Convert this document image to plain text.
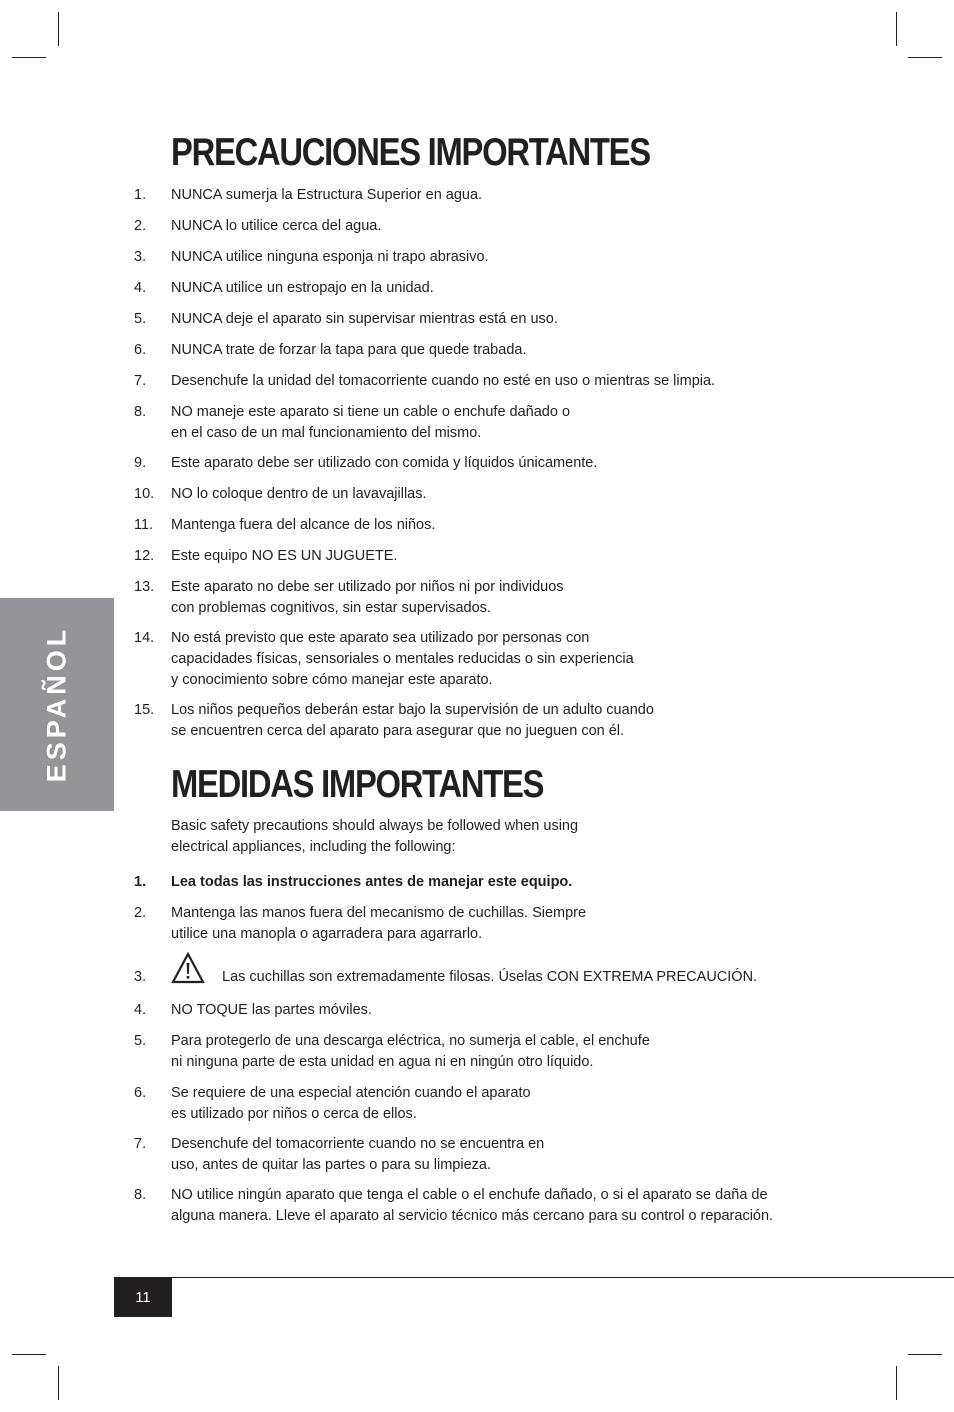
ESPAÑOL
PRECAUCIONES IMPORTANTES
1. NUNCA sumerja la Estructura Superior en agua.
2. NUNCA lo utilice cerca del agua.
3. NUNCA utilice ninguna esponja ni trapo abrasivo.
4. NUNCA utilice un estropajo en la unidad.
5. NUNCA deje el aparato sin supervisar mientras está en uso.
6. NUNCA trate de forzar la tapa para que quede trabada.
7. Desenchufe la unidad del tomacorriente cuando no esté en uso o mientras se limpia.
8. NO maneje este aparato si tiene un cable o enchufe dañado o
en el caso de un mal funcionamiento del mismo.
9. Este aparato debe ser utilizado con comida y líquidos únicamente.
10. NO lo coloque dentro de un lavavajillas.
11. Mantenga fuera del alcance de los niños.
12. Este equipo NO ES UN JUGUETE.
13. Este aparato no debe ser utilizado por niños ni por individuos
con problemas cognitivos, sin estar supervisados.
14. No está previsto que este aparato sea utilizado por personas con
capacidades físicas, sensoriales o mentales reducidas o sin experiencia
y conocimiento sobre cómo manejar este aparato.
15. Los niños pequeños deberán estar bajo la supervisión de un adulto cuando
se encuentren cerca del aparato para asegurar que no jueguen con él.
MEDIDAS IMPORTANTES
Basic safety precautions should always be followed when using
electrical appliances, including the following:
1. Lea todas las instrucciones antes de manejar este equipo.
2. Mantenga las manos fuera del mecanismo de cuchillas. Siempre
utilice una manopla o agarradera para agarrarlo.
3.	Las cuchillas son extremadamente filosas. Úselas CON EXTREMA PRECAUCIÓN.
4. NO TOQUE las partes móviles.
5. Para protegerlo de una descarga eléctrica, no sumerja el cable, el enchufe
ni ninguna parte de esta unidad en agua ni en ningún otro líquido.
6. Se requiere de una especial atención cuando el aparato
es utilizado por niños o cerca de ellos.
7. Desenchufe del tomacorriente cuando no se encuentra en
uso, antes de quitar las partes o para su limpieza.
8. NO utilice ningún aparato que tenga el cable o el enchufe dañado, o si el aparato se daña de
alguna manera. Lleve el aparato al servicio técnico más cercano para su control o reparación.
11
